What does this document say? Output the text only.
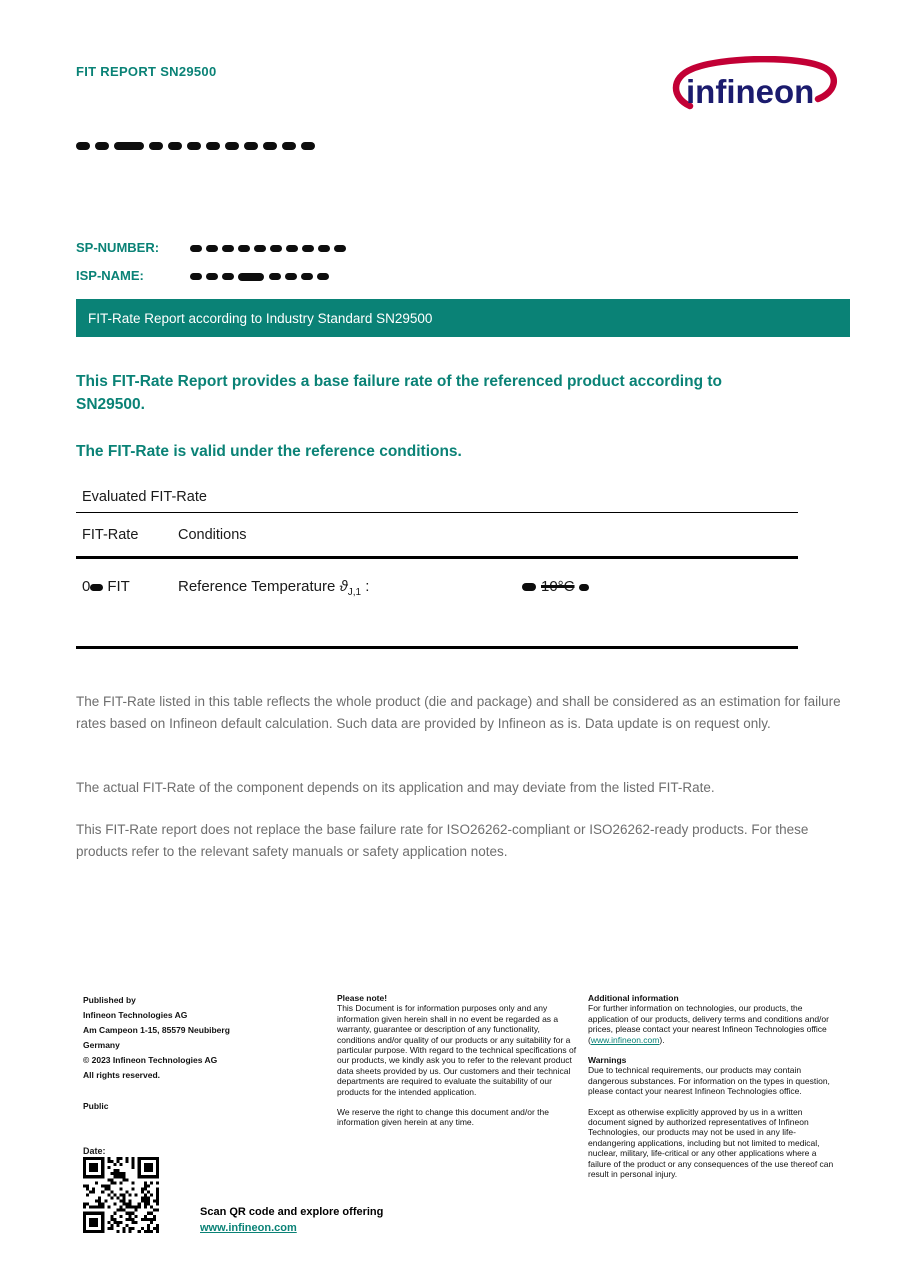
FIT REPORT SN29500
infineon
SP-NUMBER:
ISP-NAME:
FIT-Rate Report according to Industry Standard SN29500
This FIT-Rate Report provides a base failure rate of the referenced product according to SN29500.
The FIT-Rate is valid under the reference conditions.
Evaluated FIT-Rate
FIT-Rate	Conditions
0 FIT	Reference Temperature $ϑ_{J,1}$ :	10°C
The FIT-Rate listed in this table reflects the whole product (die and package) and shall be considered as an estimation for failure rates based on Infineon default calculation. Such data are provided by Infineon as is. Data update is on request only.
The actual FIT-Rate of the component depends on its application and may deviate from the listed FIT-Rate.
This FIT-Rate report does not replace the base failure rate for ISO26262-compliant or ISO26262-ready products. For these products refer to the relevant safety manuals or safety application notes.
Published by
Infineon Technologies AG
Am Campeon 1-15, 85579 Neubiberg
Germany
© 2023 Infineon Technologies AG
All rights reserved.
Public
Please note!
This Document is for information purposes only and any information given herein shall in no event be regarded as a warranty, guarantee or description of any functionality, conditions and/or quality of our products or any suitability for a particular purpose. With regard to the technical specifications of our products, we kindly ask you to refer to the relevant product data sheets provided by us. Our customers and their technical departments are required to evaluate the suitability of our products for the intended application.
We reserve the right to change this document and/or the information given herein at any time.
Additional information
For further information on technologies, our products, the application of our products, delivery terms and conditions and/or prices, please contact your nearest Infineon Technologies office (www.infineon.com).
Warnings
Due to technical requirements, our products may contain dangerous substances. For information on the types in question, please contact your nearest Infineon Technologies office.
Except as otherwise explicitly approved by us in a written document signed by authorized representatives of Infineon Technologies, our products may not be used in any life-endangering applications, including but not limited to medical, nuclear, military, life-critical or any other applications where a failure of the product or any consequences of the use thereof can result in personal injury.
Date:
Scan QR code and explore offering
www.infineon.com
